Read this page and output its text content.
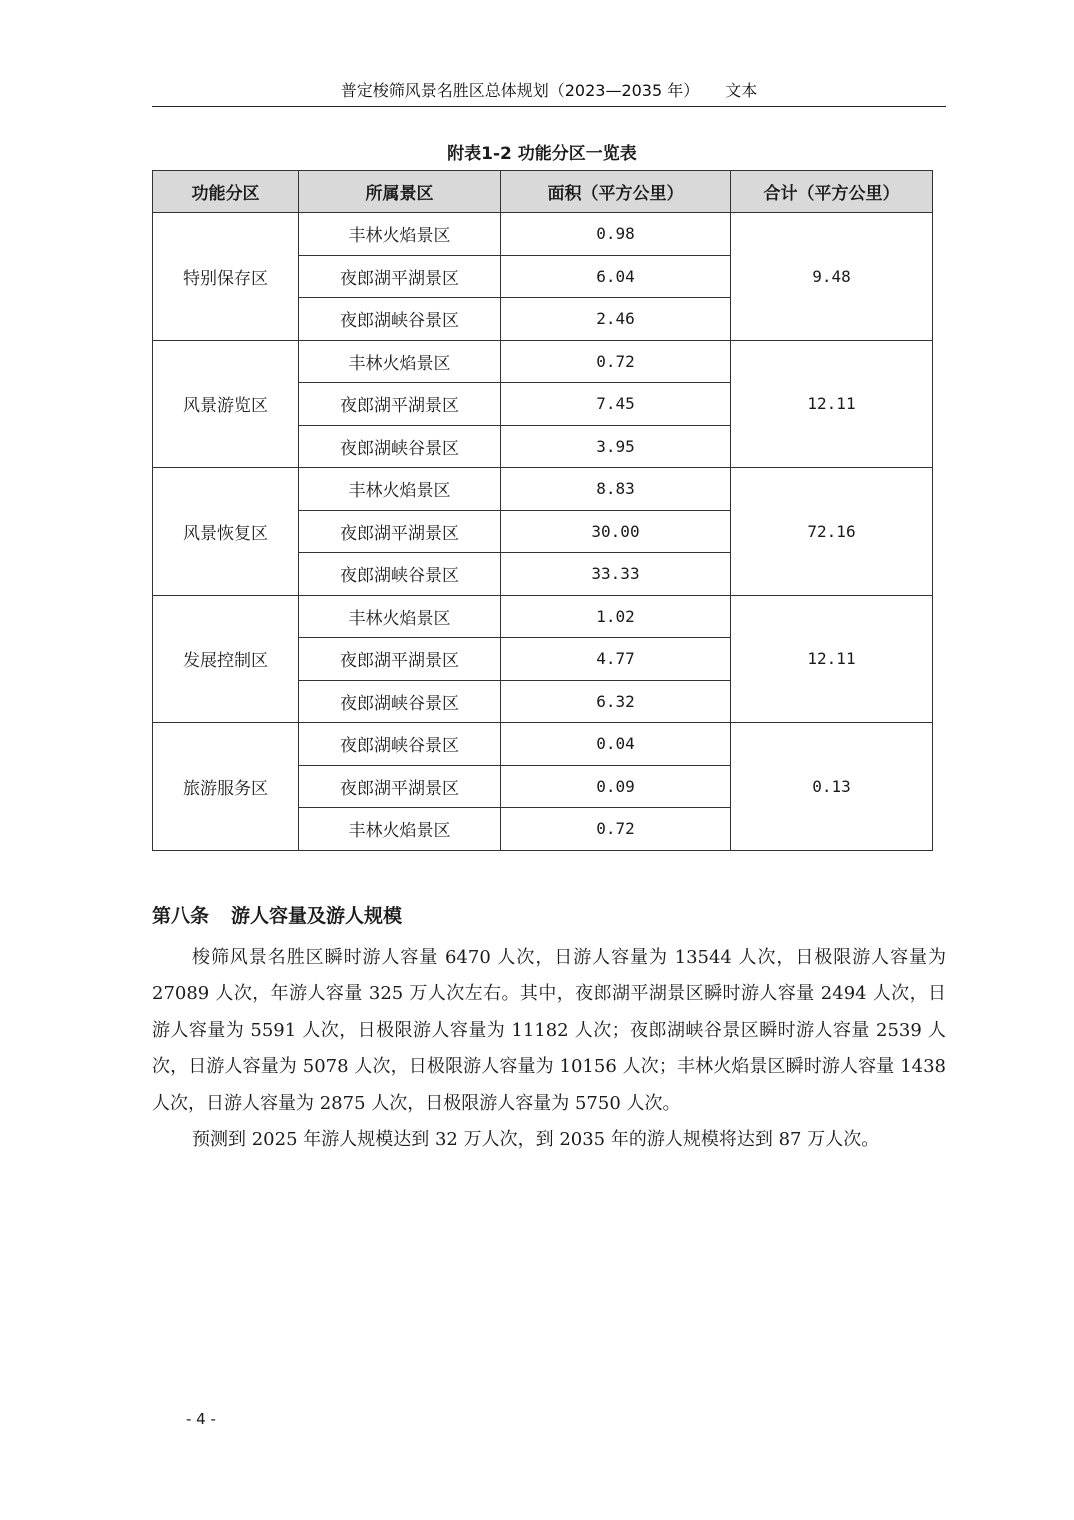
普定梭筛风景名胜区总体规划（2023—2035 年） 文本
附表1-2 功能分区一览表
功能分区	所属景区	面积（平方公里）	合计（平方公里）
特别保存区	丰林火焰景区	0.98	9.48
	夜郎湖平湖景区	6.04	
	夜郎湖峡谷景区	2.46	
风景游览区	丰林火焰景区	0.72	12.11
	夜郎湖平湖景区	7.45	
	夜郎湖峡谷景区	3.95	
风景恢复区	丰林火焰景区	8.83	72.16
	夜郎湖平湖景区	30.00	
	夜郎湖峡谷景区	33.33	
发展控制区	丰林火焰景区	1.02	12.11
	夜郎湖平湖景区	4.77	
	夜郎湖峡谷景区	6.32	
旅游服务区	夜郎湖峡谷景区	0.04	0.13
	夜郎湖平湖景区	0.09	
	丰林火焰景区	0.72	
第八条 游人容量及游人规模

梭筛风景名胜区瞬时游人容量 6470 人次，日游人容量为 13544 人次，日极限游人容量为 27089 人次，年游人容量 325 万人次左右。其中，夜郎湖平湖景区瞬时游人容量 2494 人次，日游人容量为 5591 人次，日极限游人容量为 11182 人次；夜郎湖峡谷景区瞬时游人容量 2539 人次，日游人容量为 5078 人次，日极限游人容量为 10156 人次；丰林火焰景区瞬时游人容量 1438 人次，日游人容量为 2875 人次，日极限游人容量为 5750 人次。

预测到 2025 年游人规模达到 32 万人次，到 2035 年的游人规模将达到 87 万人次。

- 4 -
